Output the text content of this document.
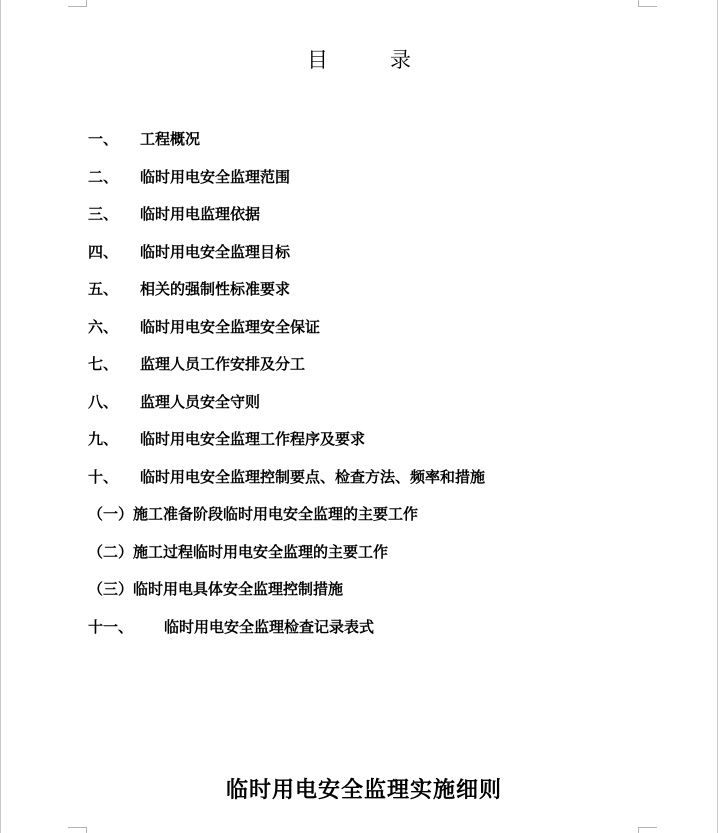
目录
一、	工程概况
二、	临时用电安全监理范围
三、	临时用电监理依据
四、	临时用电安全监理目标
五、	相关的强制性标准要求
六、	临时用电安全监理安全保证
七、	监理人员工作安排及分工
八、	监理人员安全守则
九、	临时用电安全监理工作程序及要求
十、	临时用电安全监理控制要点、检查方法、频率和措施
（一） 施工准备阶段临时用电安全监理的主要工作
（二） 施工过程临时用电安全监理的主要工作
（三） 临时用电具体安全监理控制措施
十一、	临时用电安全监理检查记录表式
临时用电安全监理实施细则
